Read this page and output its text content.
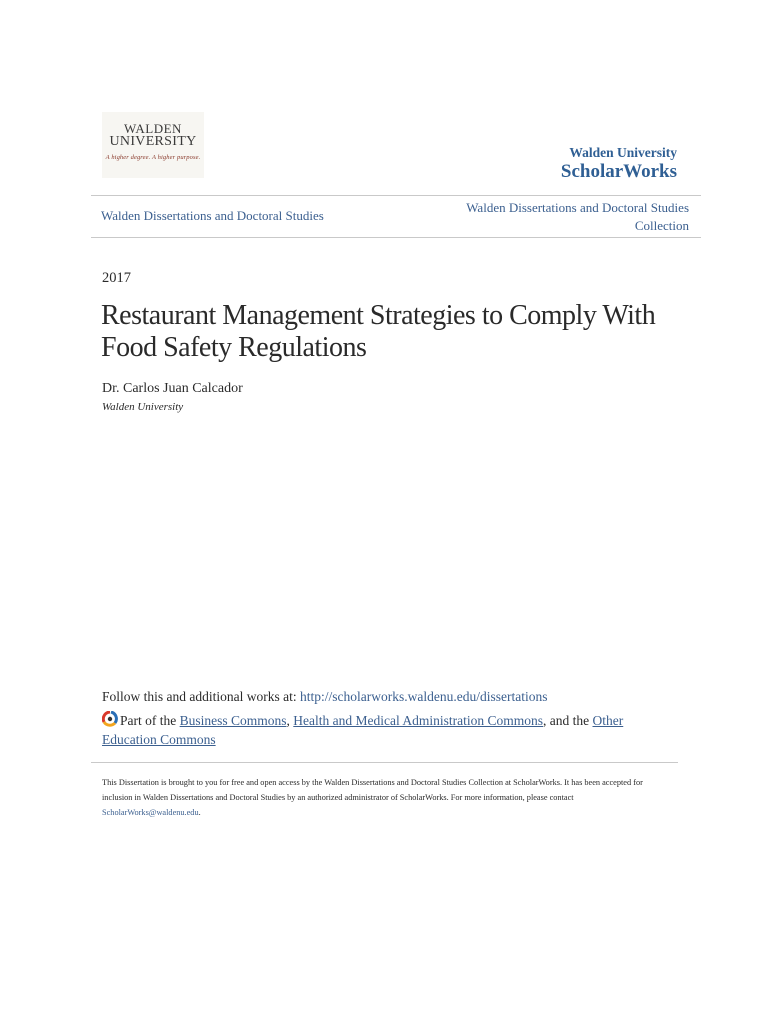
WALDEN
UNIVERSITY
A higher degree. A higher purpose.	Walden University
ScholarWorks
Walden Dissertations and Doctoral Studies
Walden Dissertations and Doctoral Studies
Collection
2017
Restaurant Management Strategies to Comply With Food Safety Regulations
Dr. Carlos Juan Calcador
Walden University
Follow this and additional works at: http://scholarworks.waldenu.edu/dissertations
Part of the Business Commons, Health and Medical Administration Commons, and the Other Education Commons
This Dissertation is brought to you for free and open access by the Walden Dissertations and Doctoral Studies Collection at ScholarWorks. It has been accepted for inclusion in Walden Dissertations and Doctoral Studies by an authorized administrator of ScholarWorks. For more information, please contact ScholarWorks@waldenu.edu.
